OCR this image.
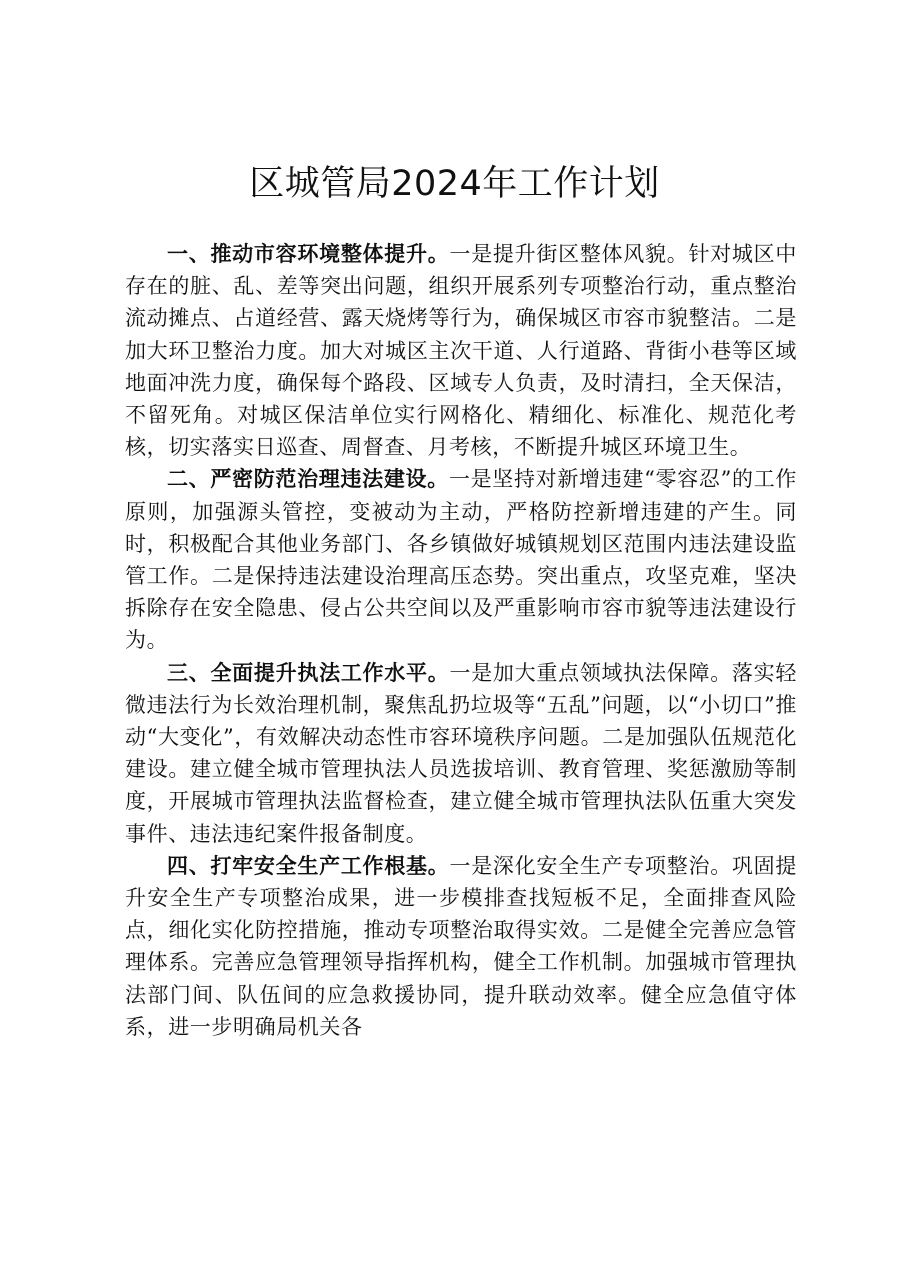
区城管局2024年工作计划

一、推动市容环境整体提升。一是提升街区整体风貌。针对城区中存在的脏、乱、差等突出问题，组织开展系列专项整治行动，重点整治流动摊点、占道经营、露天烧烤等行为，确保城区市容市貌整洁。二是加大环卫整治力度。加大对城区主次干道、人行道路、背街小巷等区域地面冲洗力度，确保每个路段、区域专人负责，及时清扫，全天保洁，不留死角。对城区保洁单位实行网格化、精细化、标准化、规范化考核，切实落实日巡查、周督查、月考核，不断提升城区环境卫生。

二、严密防范治理违法建设。一是坚持对新增违建“零容忍”的工作原则，加强源头管控，变被动为主动，严格防控新增违建的产生。同时，积极配合其他业务部门、各乡镇做好城镇规划区范围内违法建设监管工作。二是保持违法建设治理高压态势。突出重点，攻坚克难，坚决拆除存在安全隐患、侵占公共空间以及严重影响市容市貌等违法建设行为。

三、全面提升执法工作水平。一是加大重点领域执法保障。落实轻微违法行为长效治理机制，聚焦乱扔垃圾等“五乱”问题，以“小切口”推动“大变化”，有效解决动态性市容环境秩序问题。二是加强队伍规范化建设。建立健全城市管理执法人员选拔培训、教育管理、奖惩激励等制度，开展城市管理执法监督检查，建立健全城市管理执法队伍重大突发事件、违法违纪案件报备制度。

四、打牢安全生产工作根基。一是深化安全生产专项整治。巩固提升安全生产专项整治成果，进一步模排查找短板不足，全面排查风险点，细化实化防控措施，推动专项整治取得实效。二是健全完善应急管理体系。完善应急管理领导指挥机构，健全工作机制。加强城市管理执法部门间、队伍间的应急救援协同，提升联动效率。健全应急值守体系，进一步明确局机关各
